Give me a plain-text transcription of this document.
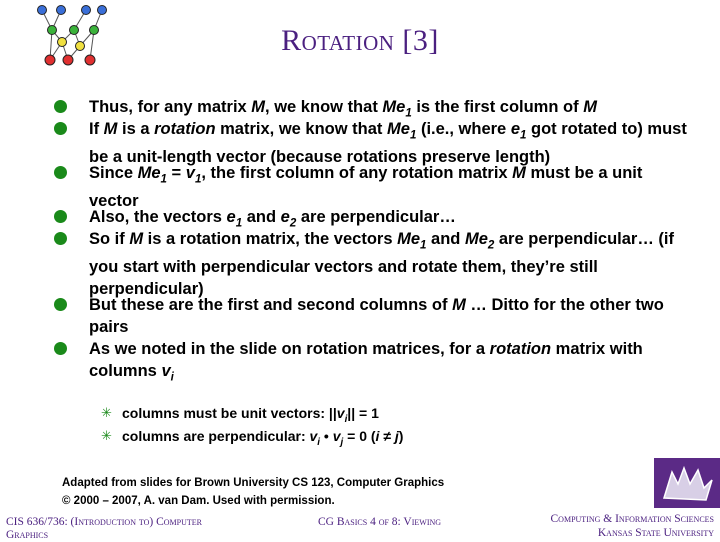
Rotation [3]
Thus, for any matrix M, we know that $Me_1$ is the first column of M
If M is a rotation matrix, we know that $Me_1$ (i.e., where $e_1$ got rotated to) must be a unit-length vector (because rotations preserve length)
Since $Me_1 = v_1$, the first column of any rotation matrix M must be a unit vector
Also, the vectors $e_1$ and $e_2$ are perpendicular…
So if M is a rotation matrix, the vectors $Me_1$ and $Me_2$ are perpendicular… (if you start with perpendicular vectors and rotate them, they’re still perpendicular)
But these are the first and second columns of M … Ditto for the other two pairs
As we noted in the slide on rotation matrices, for a rotation matrix with columns $v_i$
✳ columns must be unit vectors: $||v_i|| = 1$
✳ columns are perpendicular: $v_i$ • $v_j = 0$ (i ≠ j)
Adapted from slides for Brown University CS 123, Computer Graphics
© 2000 – 2007, A. van Dam. Used with permission.
CIS 636/736: (Introduction to) Computer
Graphics
CG Basics 4 of 8: Viewing	Computing & Information Sciences
Kansas State University
